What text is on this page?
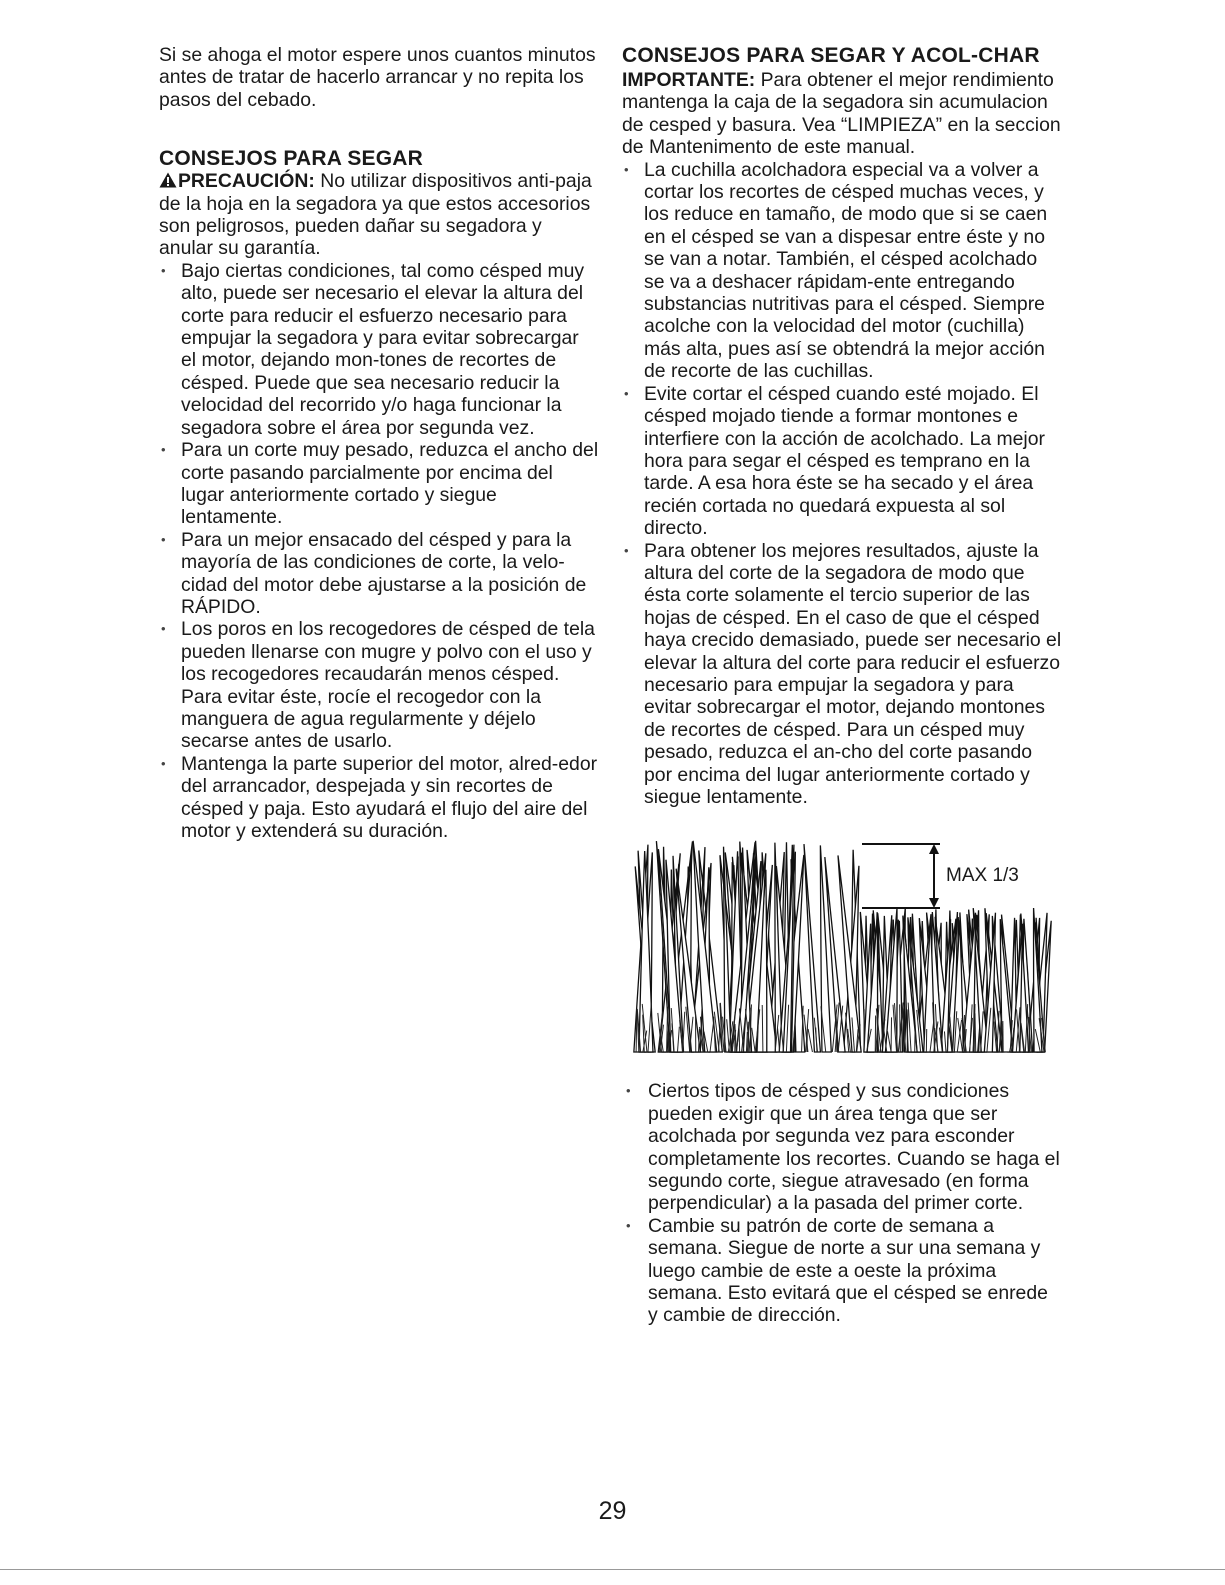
Si se ahoga el motor espere unos cuantos minutos antes de tratar de hacerlo arrancar y no repita los pasos del cebado.

CONSEJOS PARA SEGAR

PRECAUCIÓN: No utilizar dispositivos anti-paja de la hoja en la segadora ya que estos accesorios son peligrosos, pueden dañar su segadora y anular su garantía.

• Bajo ciertas condiciones, tal como césped muy alto, puede ser necesario el elevar la altura del corte para reducir el esfuerzo necesario para empujar la segadora y para evitar sobrecargar el motor, dejando mon-tones de recortes de césped. Puede que sea necesario reducir la velocidad del recorrido y/o haga funcionar la segadora sobre el área por segunda vez.
• Para un corte muy pesado, reduzca el ancho del corte pasando parcialmente por encima del lugar anteriormente cortado y siegue lentamente.
• Para un mejor ensacado del césped y para la mayoría de las condiciones de corte, la velo-cidad del motor debe ajustarse a la posición de RÁPIDO.
• Los poros en los recogedores de césped de tela pueden llenarse con mugre y polvo con el uso y los recogedores recaudarán menos césped. Para evitar éste, rocíe el recogedor con la manguera de agua regularmente y déjelo secarse antes de usarlo.
• Mantenga la parte superior del motor, alred-edor del arrancador, despejada y sin recortes de césped y paja. Esto ayudará el flujo del aire del motor y extenderá su duración.
CONSEJOS PARA SEGAR Y ACOL-CHAR

IMPORTANTE: Para obtener el mejor rendimiento mantenga la caja de la segadora sin acumulacion de cesped y basura. Vea “LIMPIEZA” en la seccion de Mantenimento de este manual.

• La cuchilla acolchadora especial va a volver a cortar los recortes de césped muchas veces, y los reduce en tamaño, de modo que si se caen en el césped se van a dispesar entre éste y no se van a notar. También, el césped acolchado se va a deshacer rápidam-ente entregando substancias nutritivas para el césped. Siempre acolche con la velocidad del motor (cuchilla) más alta, pues así se obtendrá la mejor acción de recorte de las cuchillas.
• Evite cortar el césped cuando esté mojado. El césped mojado tiende a formar montones e interfiere con la acción de acolchado. La mejor hora para segar el césped es temprano en la tarde. A esa hora éste se ha secado y el área recién cortada no quedará expuesta al sol directo.
• Para obtener los mejores resultados, ajuste la altura del corte de la segadora de modo que ésta corte solamente el tercio superior de las hojas de césped. En el caso de que el césped haya crecido demasiado, puede ser necesario el elevar la altura del corte para reducir el esfuerzo necesario para empujar la segadora y para evitar sobrecargar el motor, dejando montones de recortes de césped. Para un césped muy pesado, reduzca el an-cho del corte pasando por encima del lugar anteriormente cortado y siegue lentamente.
MAX 1/3
• Ciertos tipos de césped y sus condiciones pueden exigir que un área tenga que ser acolchada por segunda vez para esconder completamente los recortes. Cuando se haga el segundo corte, siegue atravesado (en forma perpendicular) a la pasada del primer corte.
• Cambie su patrón de corte de semana a semana. Siegue de norte a sur una semana y luego cambie de este a oeste la próxima semana. Esto evitará que el césped se enrede y cambie de dirección.
29
